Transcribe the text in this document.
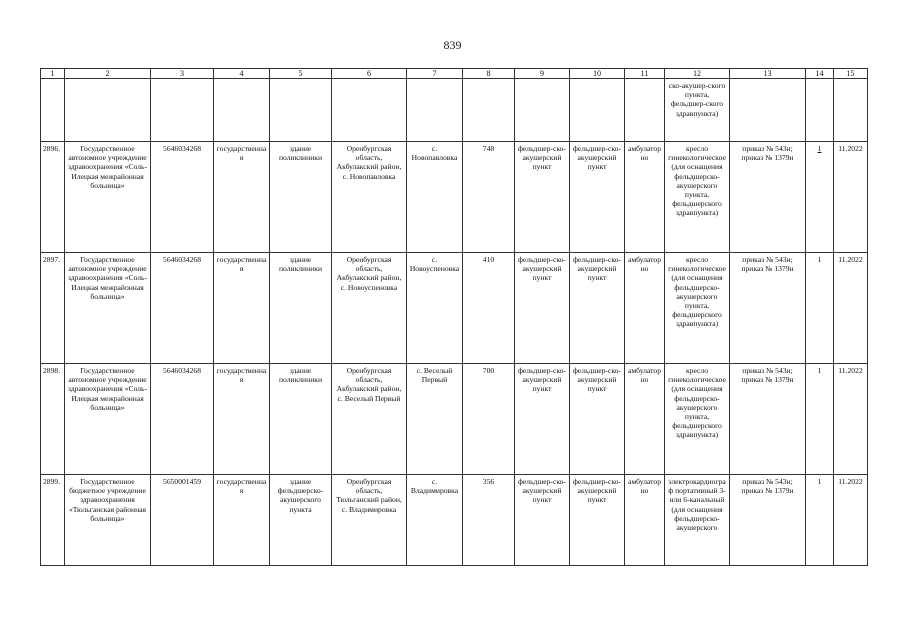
839
1	2	3	4	5	6	7	8	9	10	11	12	13	14	15
											ско-акушер-ского пункта, фельдшер-ского здравпункта)			
2896.	Государственное автономное учреждение здравоохранения «Соль-Илецкая межрайонная больница»	5646034268	государственная	здание поликлиники	Оренбургская область, Акбулакский район, с. Новопавловка	с. Новопавловка	748	фельдшер-ско-акушерский пункт	фельдшер-ско-акушерский пункт	амбулаторно	кресло гинекологическое (для оснащения фельдшерско-акушерского пункта, фельдшерского здравпункта)	приказ № 543н; приказ № 1379н	1	11.2022
2897.	Государственное автономное учреждение здравоохранения «Соль-Илецкая межрайонная больница»	5646034268	государственная	здание поликлиники	Оренбургская область, Акбулакский район, с. Новоуспеновка	с. Новоуспеновка	410	фельдшер-ско-акушерский пункт	фельдшер-ско-акушерский пункт	амбулаторно	кресло гинекологическое (для оснащения фельдшерско-акушерского пункта, фельдшерского здравпункта)	приказ № 543н; приказ № 1379н	1	11.2022
2898.	Государственное автономное учреждение здравоохранения «Соль-Илецкая межрайонная больница»	5646034268	государственная	здание поликлиники	Оренбургская область, Акбулакский район, с. Веселый Первый	с. Веселый Первый	700	фельдшер-ско-акушерский пункт	фельдшер-ско-акушерский пункт	амбулаторно	кресло гинекологическое (для оснащения фельдшерско-акушерского пункта, фельдшерского здравпункта)	приказ № 543н; приказ № 1379н	1	11.2022
2899.	Государственное бюджетное учреждение здравоохранения «Тюльганская районная больница»	5650001459	государственная	здание фельдшерско-акушерского пункта	Оренбургская область, Тюльганский район, с. Владимировка	с. Владимировка	356	фельдшер-ско-акушерский пункт	фельдшер-ско-акушерский пункт	амбулаторно	электрокардиограф портативный 3-или 6-канальный (для оснащения фельдшерско-акушерского	приказ № 543н; приказ № 1379н	1	11.2022
